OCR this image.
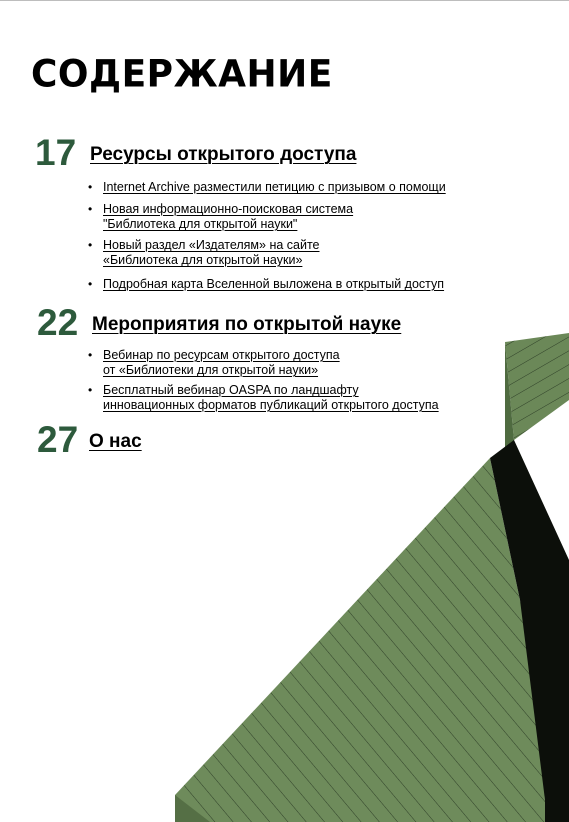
СОДЕРЖАНИЕ
17 Ресурсы открытого доступа
• Internet Archive разместили петицию с призывом о помощи
• Новая информационно-поисковая система
"Библиотека для открытой науки"
• Новый раздел «Издателям» на сайте
«Библиотека для открытой науки»
• Подробная карта Вселенной выложена в открытый доступ
22 Мероприятия по открытой науке
• Вебинар по ресурсам открытого доступа
от «Библиотеки для открытой науки»
• Бесплатный вебинар OASPA по ландшафту
инновационных форматов публикаций открытого доступа
27 О нас
